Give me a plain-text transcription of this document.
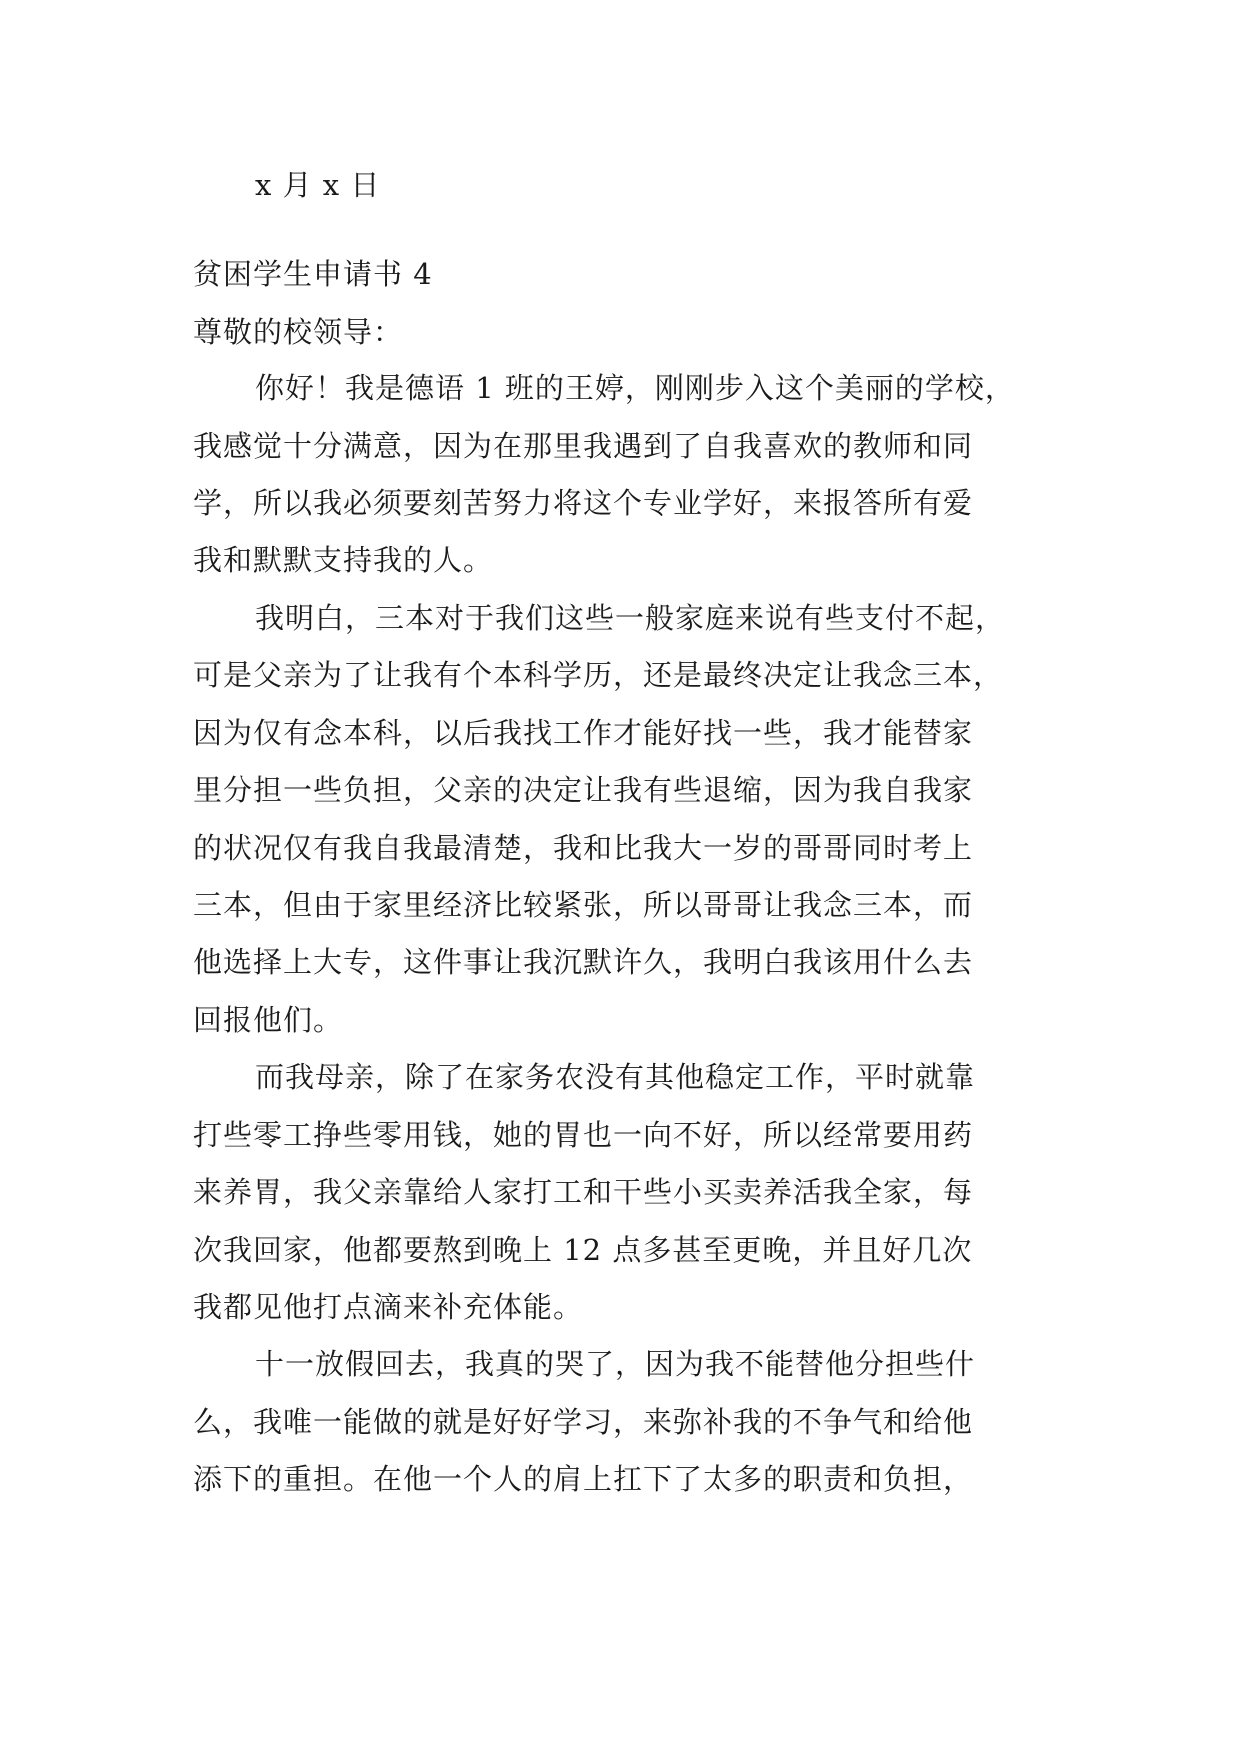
x 月 x 日
贫困学生申请书 4
尊敬的校领导：
你好！我是德语 1 班的王婷，刚刚步入这个美丽的学校，
我感觉十分满意，因为在那里我遇到了自我喜欢的教师和同
学，所以我必须要刻苦努力将这个专业学好，来报答所有爱
我和默默支持我的人。
我明白，三本对于我们这些一般家庭来说有些支付不起，
可是父亲为了让我有个本科学历，还是最终决定让我念三本，
因为仅有念本科，以后我找工作才能好找一些，我才能替家
里分担一些负担，父亲的决定让我有些退缩，因为我自我家
的状况仅有我自我最清楚，我和比我大一岁的哥哥同时考上
三本，但由于家里经济比较紧张，所以哥哥让我念三本，而
他选择上大专，这件事让我沉默许久，我明白我该用什么去
回报他们。
而我母亲，除了在家务农没有其他稳定工作，平时就靠
打些零工挣些零用钱，她的胃也一向不好，所以经常要用药
来养胃，我父亲靠给人家打工和干些小买卖养活我全家，每
次我回家，他都要熬到晚上 12 点多甚至更晚，并且好几次
我都见他打点滴来补充体能。
十一放假回去，我真的哭了，因为我不能替他分担些什
么，我唯一能做的就是好好学习，来弥补我的不争气和给他
添下的重担。在他一个人的肩上扛下了太多的职责和负担，
